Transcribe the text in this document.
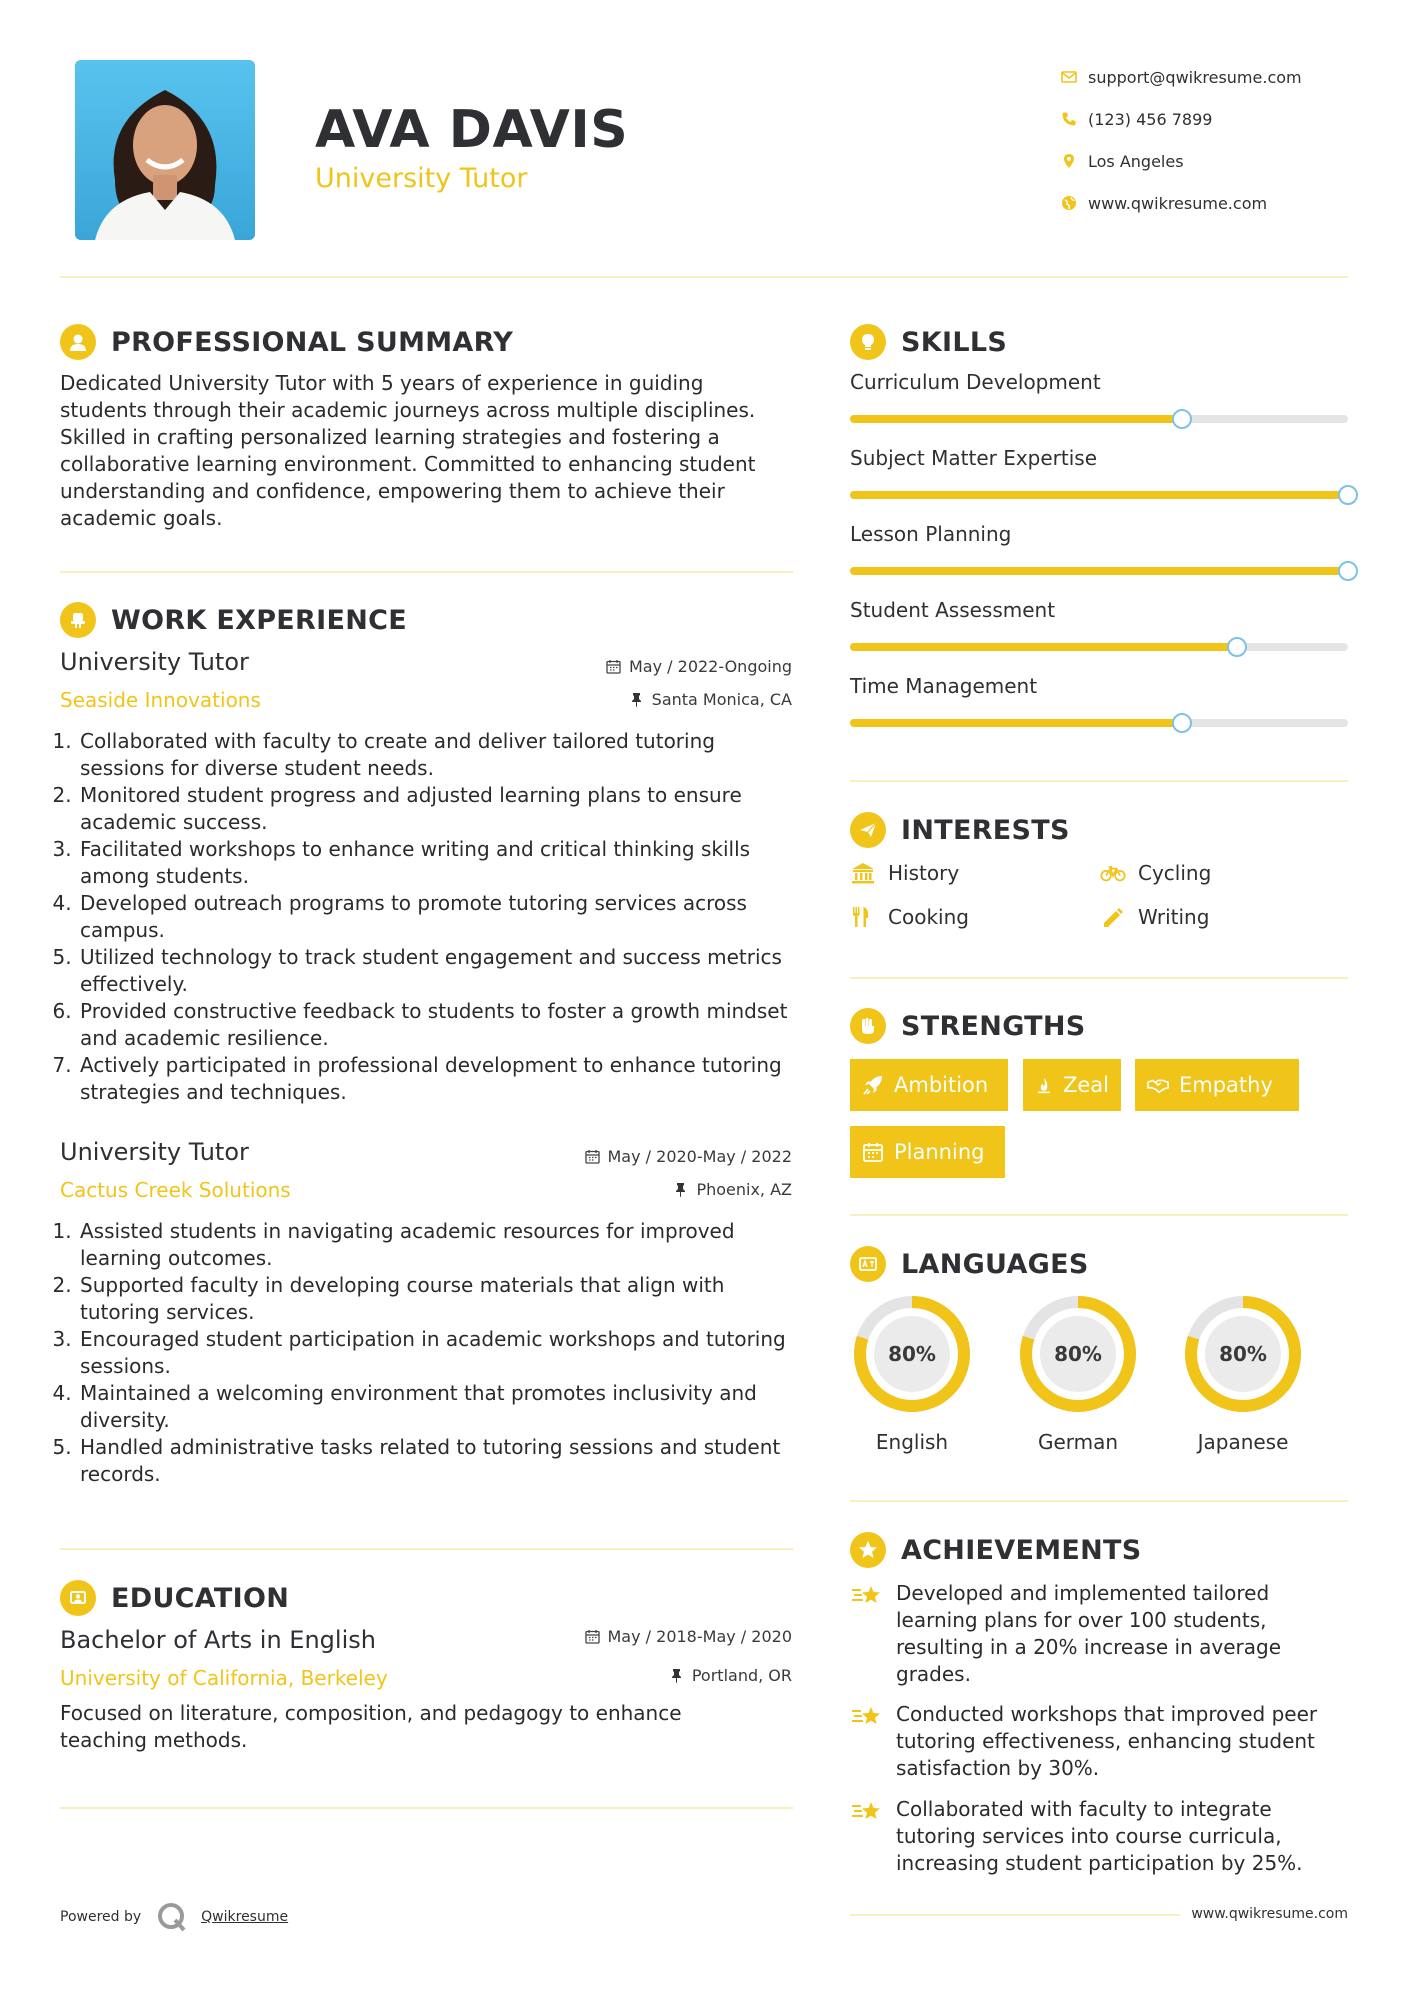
AVA DAVIS
University Tutor
support@qwikresume.com
(123) 456 7899
Los Angeles
www.qwikresume.com
PROFESSIONAL SUMMARY
Dedicated University Tutor with 5 years of experience in guiding students through their academic journeys across multiple disciplines. Skilled in crafting personalized learning strategies and fostering a collaborative learning environment. Committed to enhancing student understanding and confidence, empowering them to achieve their academic goals.
WORK EXPERIENCE
University Tutor	May / 2022-Ongoing
Seaside Innovations	Santa Monica, CA
1. Collaborated with faculty to create and deliver tailored tutoring sessions for diverse student needs.
2. Monitored student progress and adjusted learning plans to ensure academic success.
3. Facilitated workshops to enhance writing and critical thinking skills among students.
4. Developed outreach programs to promote tutoring services across campus.
5. Utilized technology to track student engagement and success metrics effectively.
6. Provided constructive feedback to students to foster a growth mindset and academic resilience.
7. Actively participated in professional development to enhance tutoring strategies and techniques.
University Tutor	May / 2020-May / 2022
Cactus Creek Solutions	Phoenix, AZ
1. Assisted students in navigating academic resources for improved learning outcomes.
2. Supported faculty in developing course materials that align with tutoring services.
3. Encouraged student participation in academic workshops and tutoring sessions.
4. Maintained a welcoming environment that promotes inclusivity and diversity.
5. Handled administrative tasks related to tutoring sessions and student records.
EDUCATION
Bachelor of Arts in English	May / 2018-May / 2020
University of California, Berkeley	Portland, OR
Focused on literature, composition, and pedagogy to enhance teaching methods.
SKILLS
Curriculum Development
Subject Matter Expertise
Lesson Planning
Student Assessment
Time Management
INTERESTS
History	Cycling
Cooking	Writing
STRENGTHS
Ambition	Zeal	Empathy
Planning
LANGUAGES
80%
English
80%
German
80%
Japanese
ACHIEVEMENTS
Developed and implemented tailored learning plans for over 100 students, resulting in a 20% increase in average grades.
Conducted workshops that improved peer tutoring effectiveness, enhancing student satisfaction by 30%.
Collaborated with faculty to integrate tutoring services into course curricula, increasing student participation by 25%.
Powered by	Qwikresume	www.qwikresume.com
